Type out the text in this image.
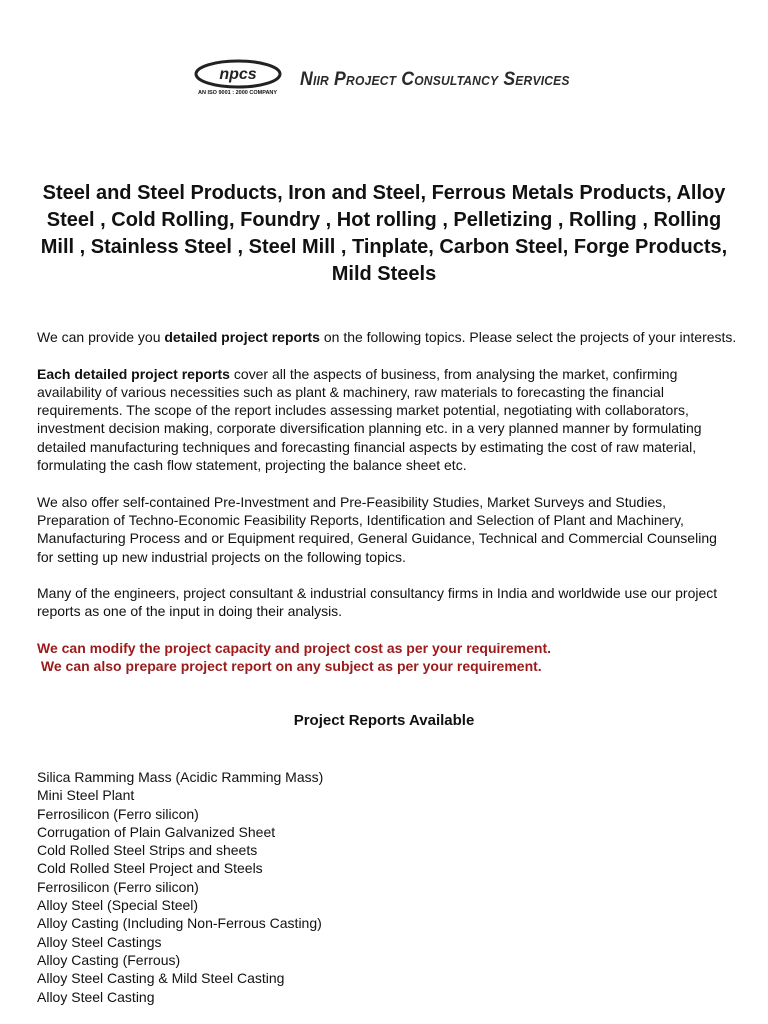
npcs
AN ISO 9001 : 2000 COMPANY
Niir Project Consultancy Services
Steel and Steel Products, Iron and Steel, Ferrous Metals Products, Alloy Steel , Cold Rolling, Foundry , Hot rolling , Pelletizing , Rolling , Rolling Mill , Stainless Steel , Steel Mill , Tinplate, Carbon Steel, Forge Products, Mild Steels

We can provide you detailed project reports on the following topics. Please select the projects of your interests.

Each detailed project reports cover all the aspects of business, from analysing the market, confirming availability of various necessities such as plant & machinery, raw materials to forecasting the financial requirements. The scope of the report includes assessing market potential, negotiating with collaborators, investment decision making, corporate diversification planning etc. in a very planned manner by formulating detailed manufacturing techniques and forecasting financial aspects by estimating the cost of raw material, formulating the cash flow statement, projecting the balance sheet etc.

We also offer self-contained Pre-Investment and Pre-Feasibility Studies, Market Surveys and Studies, Preparation of Techno-Economic Feasibility Reports, Identification and Selection of Plant and Machinery, Manufacturing Process and or Equipment required, General Guidance, Technical and Commercial Counseling for setting up new industrial projects on the following topics.

Many of the engineers, project consultant & industrial consultancy firms in India and worldwide use our project reports as one of the input in doing their analysis.

We can modify the project capacity and project cost as per your requirement.
We can also prepare project report on any subject as per your requirement.
Project Reports Available
Silica Ramming Mass (Acidic Ramming Mass)
Mini Steel Plant
Ferrosilicon (Ferro silicon)
Corrugation of Plain Galvanized Sheet
Cold Rolled Steel Strips and sheets
Cold Rolled Steel Project and Steels
Ferrosilicon (Ferro silicon)
Alloy Steel (Special Steel)
Alloy Casting (Including Non-Ferrous Casting)
Alloy Steel Castings
Alloy Casting (Ferrous)
Alloy Steel Casting & Mild Steel Casting
Alloy Steel Casting
